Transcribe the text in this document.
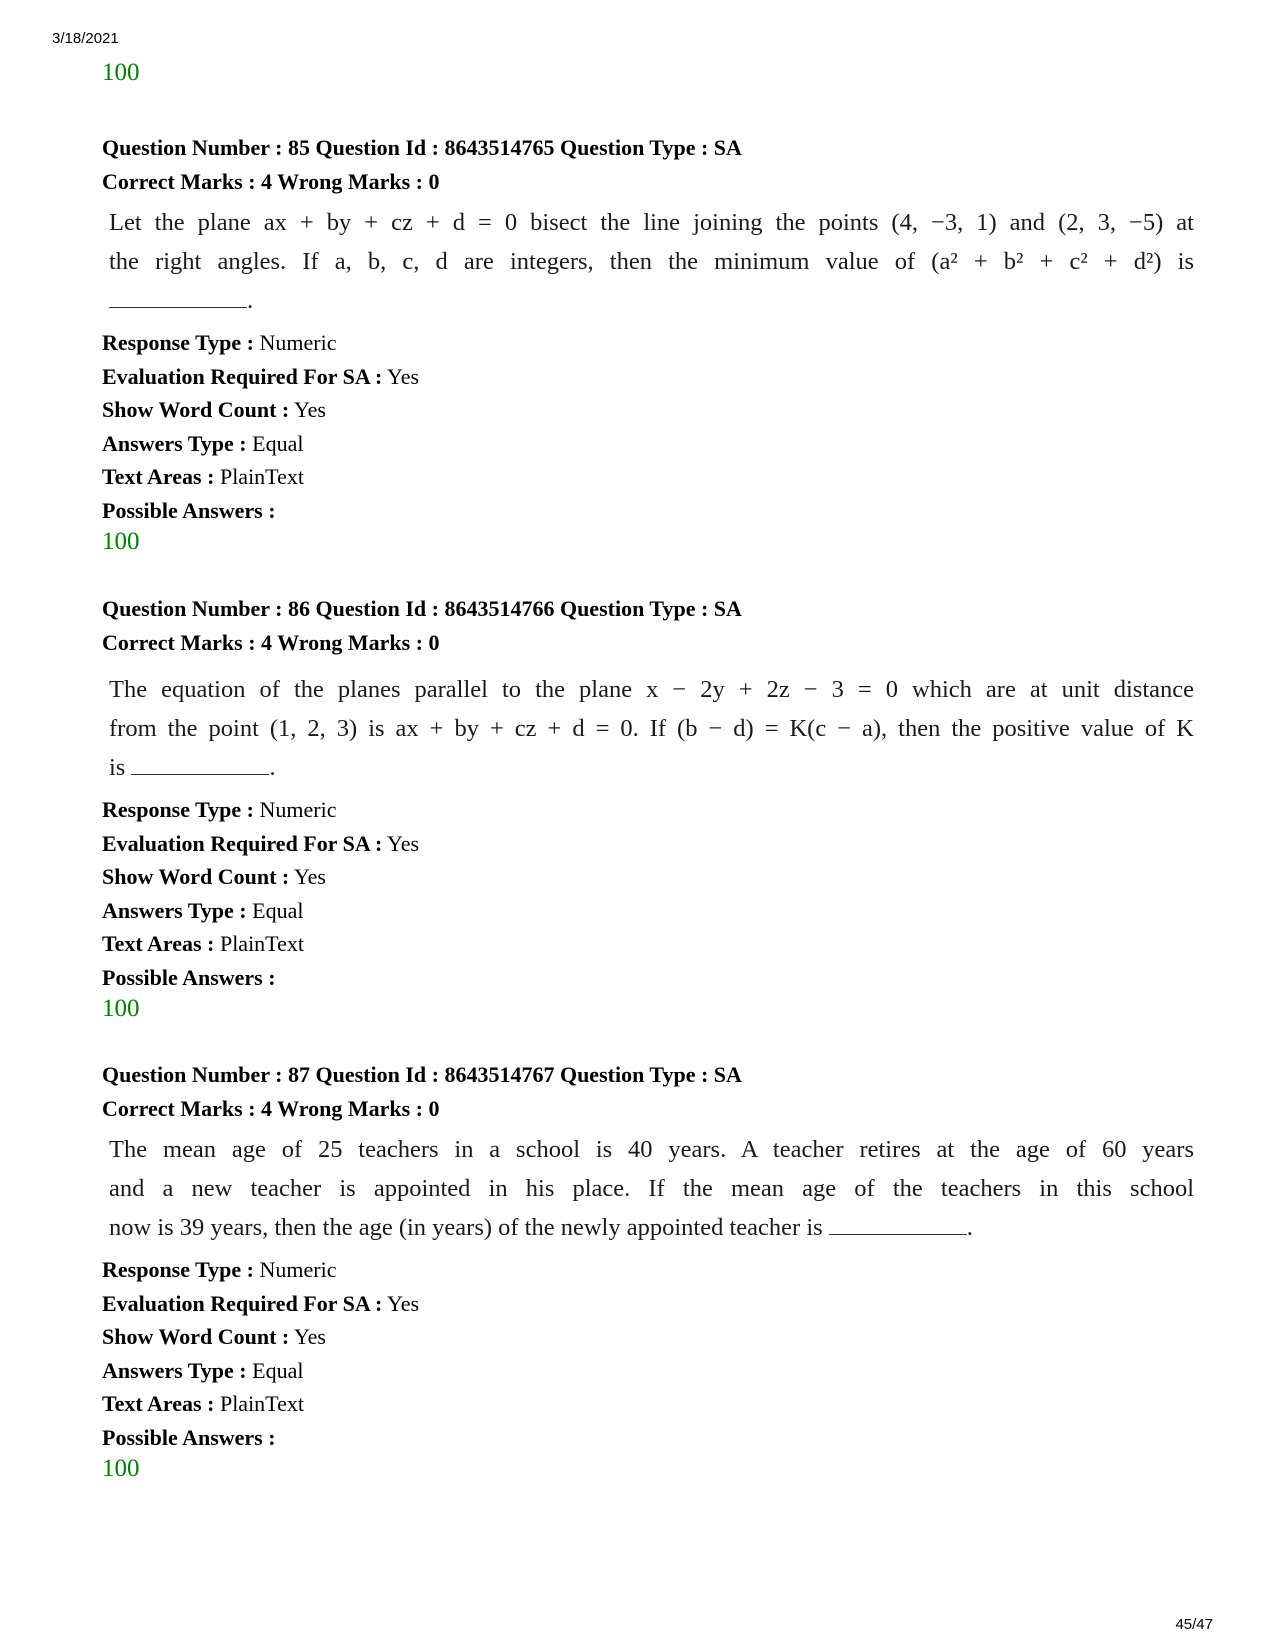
3/18/2021
100
Question Number : 85 Question Id : 8643514765 Question Type : SA
Correct Marks : 4 Wrong Marks : 0
Let the plane ax + by + cz + d = 0 bisect the line joining the points (4, −3, 1) and (2, 3, −5) at
the right angles. If a, b, c, d are integers, then the minimum value of (a² + b² + c² + d²) is
.
Response Type : Numeric
Evaluation Required For SA : Yes
Show Word Count : Yes
Answers Type : Equal
Text Areas : PlainText
Possible Answers :
100
Question Number : 86 Question Id : 8643514766 Question Type : SA
Correct Marks : 4 Wrong Marks : 0
The equation of the planes parallel to the plane x − 2y + 2z − 3 = 0 which are at unit distance
from the point (1, 2, 3) is ax + by + cz + d = 0. If (b − d) = K(c − a), then the positive value of K
is	.
Response Type : Numeric
Evaluation Required For SA : Yes
Show Word Count : Yes
Answers Type : Equal
Text Areas : PlainText
Possible Answers :
100
Question Number : 87 Question Id : 8643514767 Question Type : SA
Correct Marks : 4 Wrong Marks : 0
The mean age of 25 teachers in a school is 40 years. A teacher retires at the age of 60 years
and a new teacher is appointed in his place. If the mean age of the teachers in this school
now is 39 years, then the age (in years) of the newly appointed teacher is	.
Response Type : Numeric
Evaluation Required For SA : Yes
Show Word Count : Yes
Answers Type : Equal
Text Areas : PlainText
Possible Answers :
100
45/47
